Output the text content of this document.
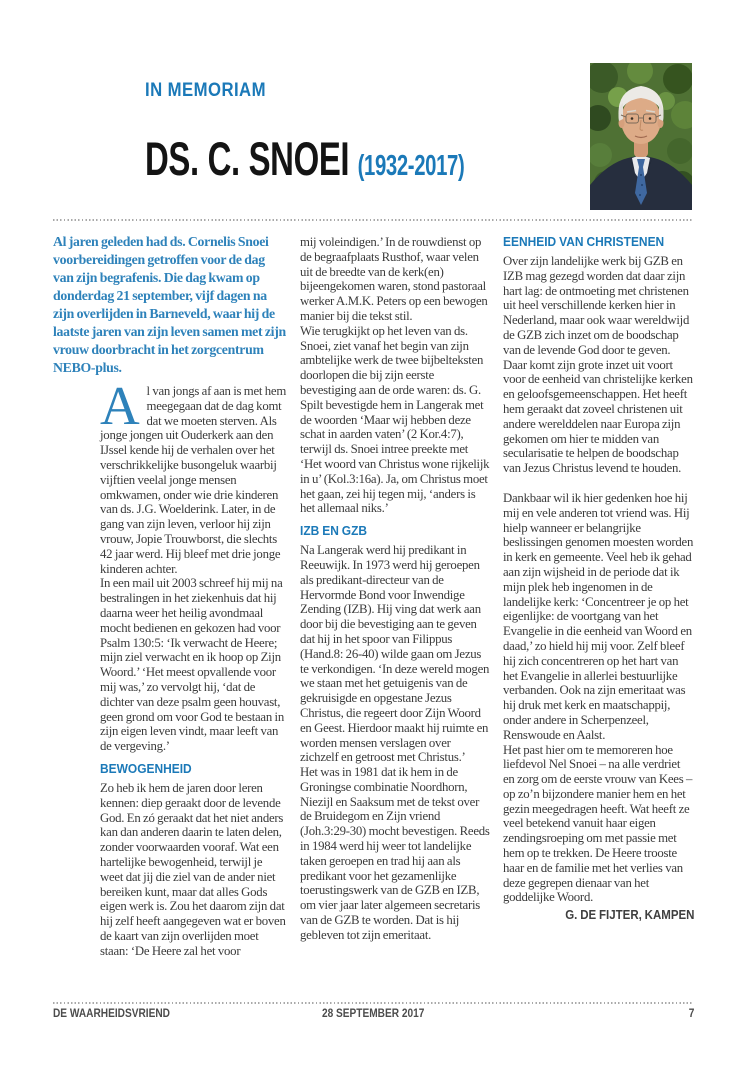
IN MEMORIAM
DS. C. SNOEI (1932-2017)
Al jaren geleden had ds. Cornelis Snoei voorbereidingen getroffen voor de dag van zijn begrafenis. Die dag kwam op donderdag 21 september, vijf dagen na zijn overlijden in Barneveld, waar hij de laatste jaren van zijn leven samen met zijn vrouw doorbracht in het zorgcentrum NEBO-plus.

Al van jongs af aan is met hem meegegaan dat de dag komt dat we moeten sterven. Als jonge jongen uit Ouderkerk aan den IJssel kende hij de verhalen over het verschrikkelijke busongeluk waarbij vijftien veelal jonge mensen omkwamen, onder wie drie kinderen van ds. J.G. Woelderink. Later, in de gang van zijn leven, verloor hij zijn vrouw, Jopie Trouwborst, die slechts 42 jaar werd. Hij bleef met drie jonge kinderen achter.

In een mail uit 2003 schreef hij mij na bestralingen in het ziekenhuis dat hij daarna weer het heilig avondmaal mocht bedienen en gekozen had voor Psalm 130:5: ‘Ik verwacht de Heere; mijn ziel verwacht en ik hoop op Zijn Woord.’ ‘Het meest opvallende voor mij was,’ zo vervolgt hij, ‘dat de dichter van deze psalm geen houvast, geen grond om voor God te bestaan in zijn eigen leven vindt, maar leeft van de vergeving.’

BEWOGENHEID

Zo heb ik hem de jaren door leren kennen: diep geraakt door de levende God. En zó geraakt dat het niet anders kan dan anderen daarin te laten delen, zonder voorwaarden vooraf. Wat een hartelijke bewogenheid, terwijl je weet dat jij die ziel van de ander niet bereiken kunt, maar dat alles Gods eigen werk is. Zou het daarom zijn dat hij zelf heeft aangegeven wat er boven de kaart van zijn overlijden moet staan: ‘De Heere zal het voor

mij voleindigen.’ In de rouwdienst op de begraafplaats Rusthof, waar velen uit de breedte van de kerk(en) bijeengekomen waren, stond pastoraal werker A.M.K. Peters op een bewogen manier bij die tekst stil.

Wie terugkijkt op het leven van ds. Snoei, ziet vanaf het begin van zijn ambtelijke werk de twee bijbelteksten doorlopen die bij zijn eerste bevestiging aan de orde waren: ds. G. Spilt bevestigde hem in Langerak met de woorden ‘Maar wij hebben deze schat in aarden vaten’ (2 Kor.4:7), terwijl ds. Snoei intree preekte met ‘Het woord van Christus wone rijkelijk in u’ (Kol.3:16a). Ja, om Christus moet het gaan, zei hij tegen mij, ‘anders is het allemaal niks.’

IZB EN GZB

Na Langerak werd hij predikant in Reeuwijk. In 1973 werd hij geroepen als predikant-directeur van de Hervormde Bond voor Inwendige Zending (IZB). Hij ving dat werk aan door bij die bevestiging aan te geven dat hij in het spoor van Filippus (Hand.8: 26-40) wilde gaan om Jezus te verkondigen. ‘In deze wereld mogen we staan met het getuigenis van de gekruisigde en opgestane Jezus Christus, die regeert door Zijn Woord en Geest. Hierdoor maakt hij ruimte en worden mensen verslagen over zichzelf en getroost met Christus.’

Het was in 1981 dat ik hem in de Groningse combinatie Noordhorn, Niezijl en Saaksum met de tekst over de Bruidegom en Zijn vriend (Joh.3:29-30) mocht bevestigen. Reeds in 1984 werd hij weer tot landelijke taken geroepen en trad hij aan als predikant voor het gezamenlijke toerustingswerk van de GZB en IZB, om vier jaar later algemeen secretaris van de GZB te worden. Dat is hij gebleven tot zijn emeritaat.

EENHEID VAN CHRISTENEN

Over zijn landelijke werk bij GZB en IZB mag gezegd worden dat daar zijn hart lag: de ontmoeting met christenen uit heel verschillende kerken hier in Nederland, maar ook waar wereldwijd de GZB zich inzet om de boodschap van de levende God door te geven. Daar komt zijn grote inzet uit voort voor de eenheid van christelijke kerken en geloofsgemeenschappen. Het heeft hem geraakt dat zoveel christenen uit andere werelddelen naar Europa zijn gekomen om hier te midden van secularisatie te helpen de boodschap van Jezus Christus levend te houden.

Dankbaar wil ik hier gedenken hoe hij mij en vele anderen tot vriend was. Hij hielp wanneer er belangrijke beslissingen genomen moesten worden in kerk en gemeente. Veel heb ik gehad aan zijn wijsheid in de periode dat ik mijn plek heb ingenomen in de landelijke kerk: ‘Concentreer je op het eigenlijke: de voortgang van het Evangelie in die eenheid van Woord en daad,’ zo hield hij mij voor. Zelf bleef hij zich concentreren op het hart van het Evangelie in allerlei bestuurlijke verbanden. Ook na zijn emeritaat was hij druk met kerk en maatschappij, onder andere in Scherpenzeel, Renswoude en Aalst.

Het past hier om te memoreren hoe liefdevol Nel Snoei – na alle verdriet en zorg om de eerste vrouw van Kees – op zo’n bijzondere manier hem en het gezin meegedragen heeft. Wat heeft ze veel betekend vanuit haar eigen zendingsroeping om met passie met hem op te trekken. De Heere trooste haar en de familie met het verlies van deze gegrepen dienaar van het goddelijke Woord.

G. DE FIJTER, KAMPEN
DE WAARHEIDSVRIEND	28 SEPTEMBER 2017	7
